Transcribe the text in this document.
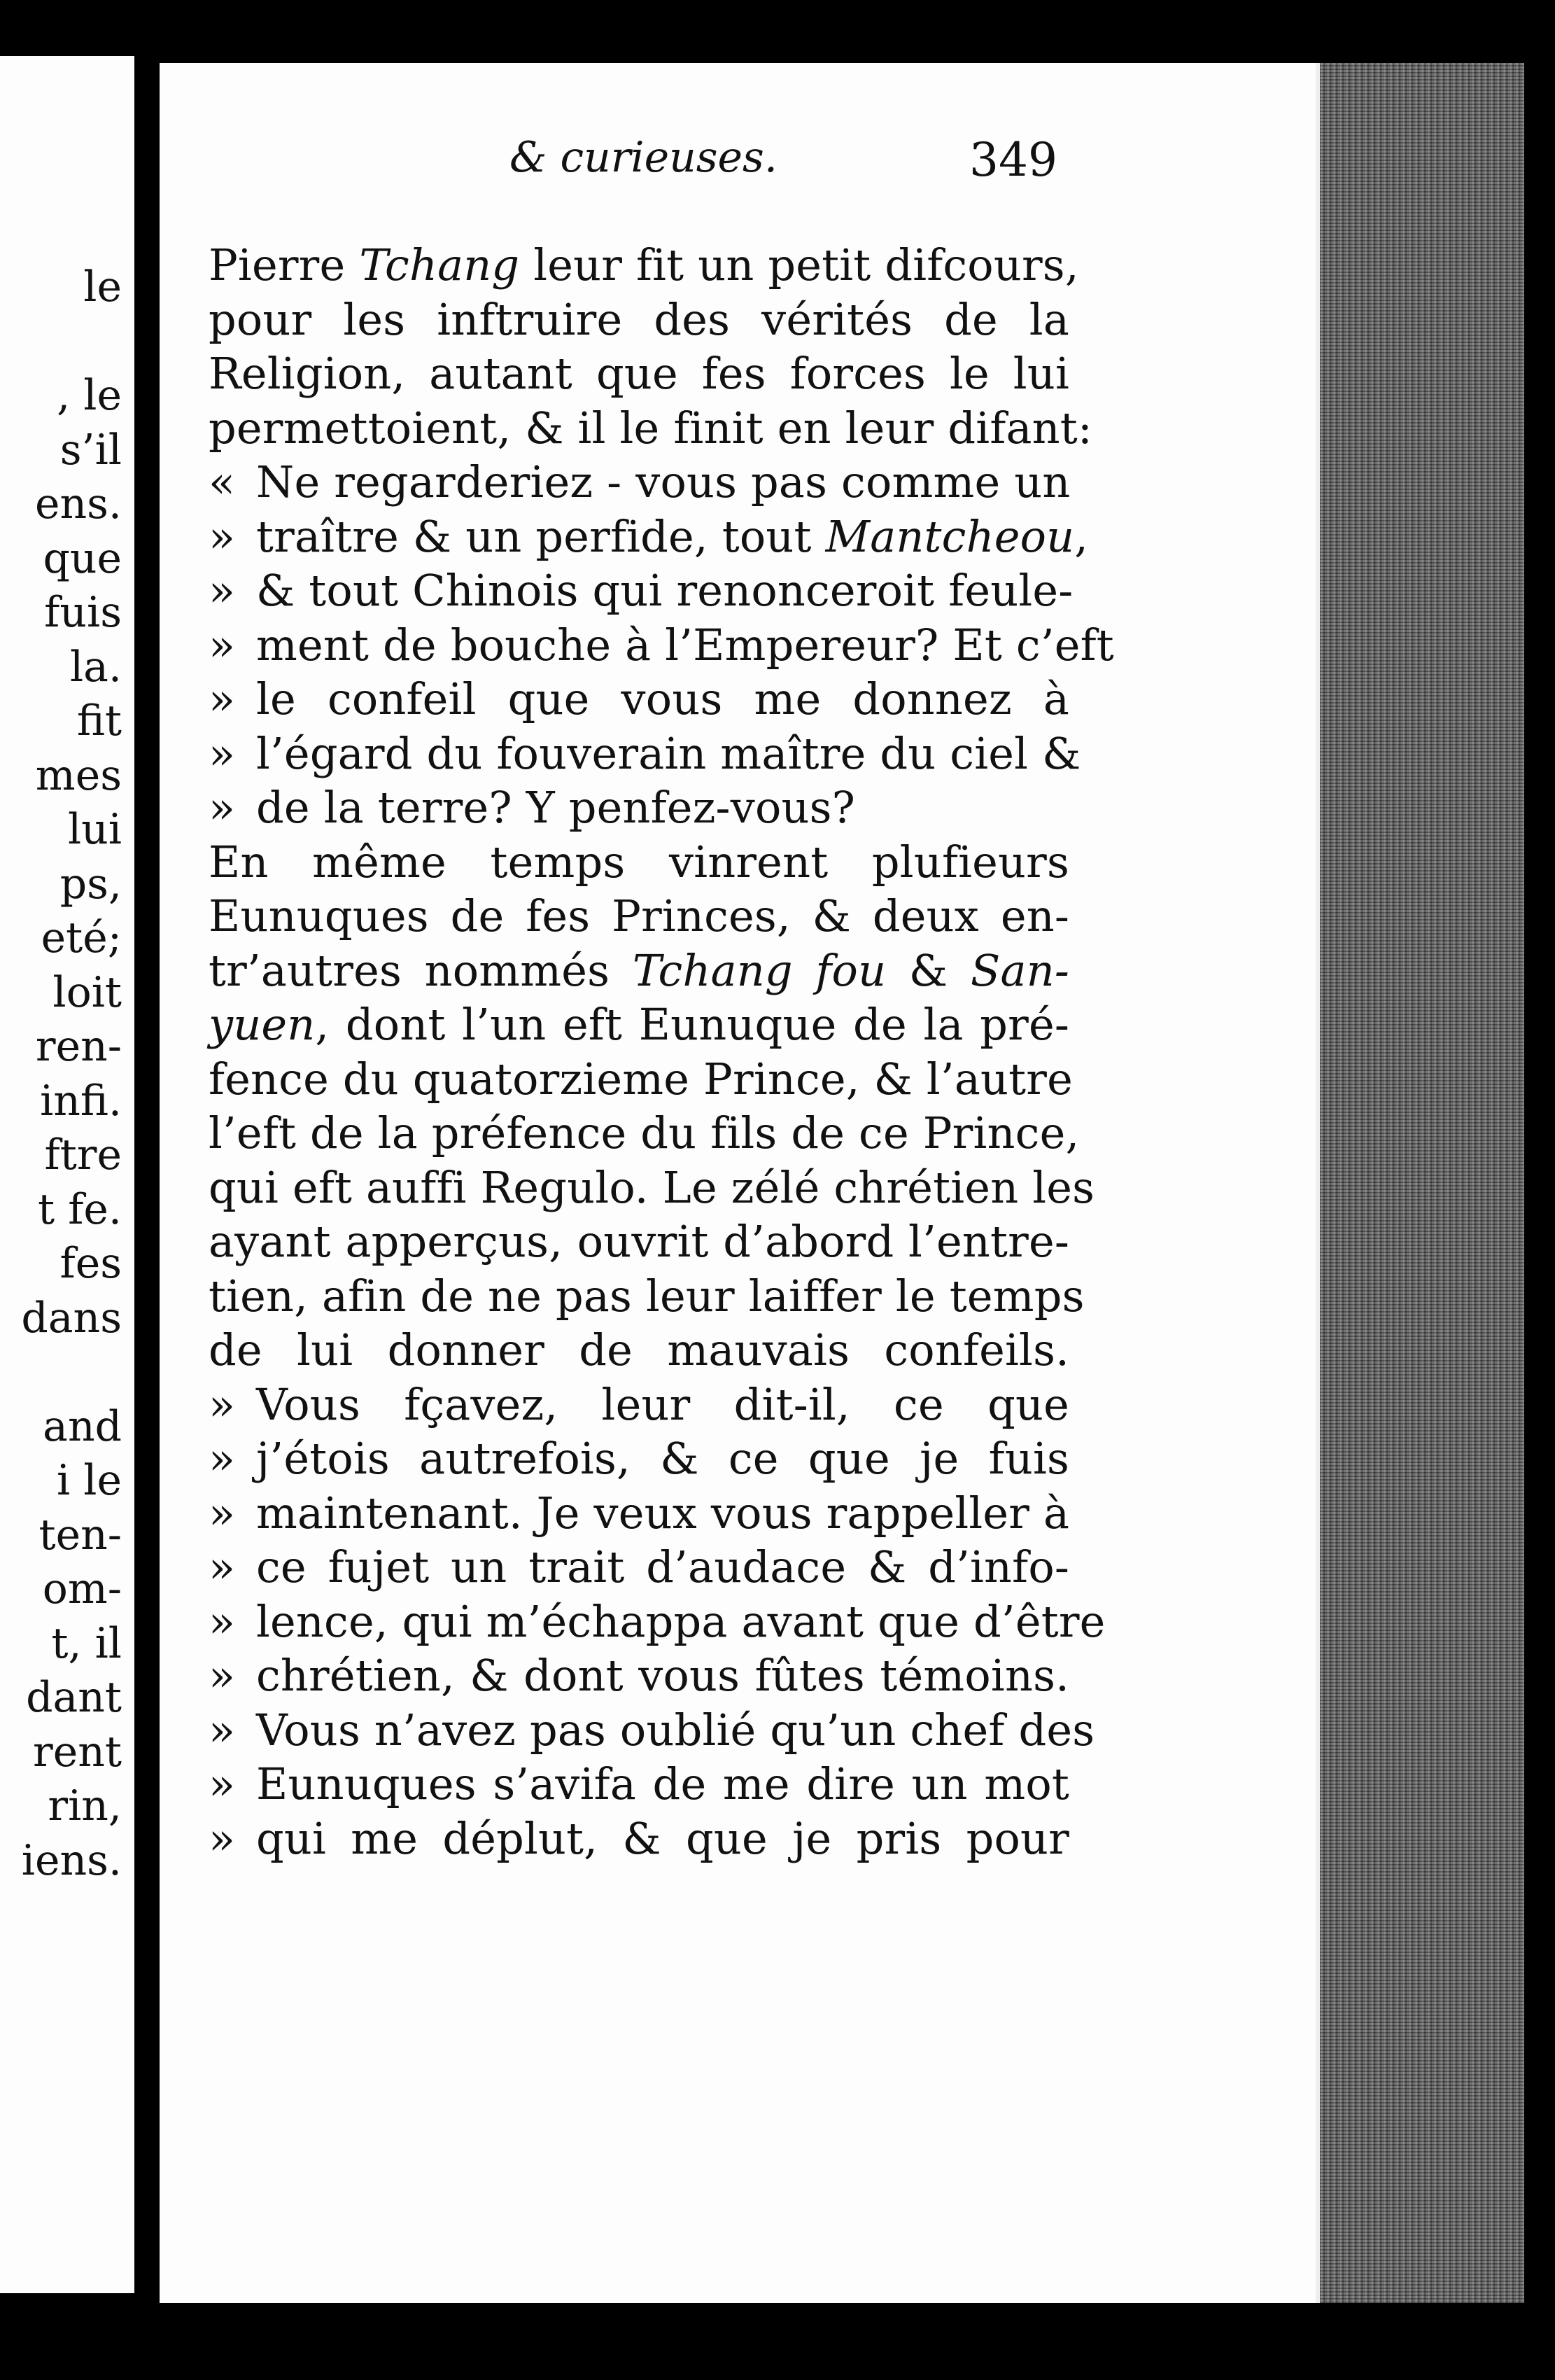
le
, le
s’il
ens.
que
fuis
la.
fit
mes
lui
ps,
eté;
loit
ren-
infi.
ftre
t fe.
fes
dans
and
i le
ten-
om-
t, il
dant
rent
rin,
iens.
& curieuses.	349
Pierre Tchang leur fit un petit difcours,
pour les inftruire des vérités de la
Religion, autant que fes forces le lui
permettoient, & il le finit en leur difant:
« Ne regarderiez - vous pas comme un
» traître & un perfide, tout Mantcheou,
» & tout Chinois qui renonceroit feule-
» ment de bouche à l’Empereur? Et c’eft
» le confeil que vous me donnez à
» l’égard du fouverain maître du ciel &
» de la terre? Y penfez-vous?
En même temps vinrent plufieurs
Eunuques de fes Princes, & deux en-
tr’autres nommés Tchang fou & San-
yuen, dont l’un eft Eunuque de la pré-
fence du quatorzieme Prince, & l’autre
l’eft de la préfence du fils de ce Prince,
qui eft auffi Regulo. Le zélé chrétien les
ayant apperçus, ouvrit d’abord l’entre-
tien, afin de ne pas leur laiffer le temps
de lui donner de mauvais confeils.
» Vous fçavez, leur dit-il, ce que
» j’étois autrefois, & ce que je fuis
» maintenant. Je veux vous rappeller à
» ce fujet un trait d’audace & d’info-
» lence, qui m’échappa avant que d’être
» chrétien, & dont vous fûtes témoins.
» Vous n’avez pas oublié qu’un chef des
» Eunuques s’avifa de me dire un mot
» qui me déplut, & que je pris pour
